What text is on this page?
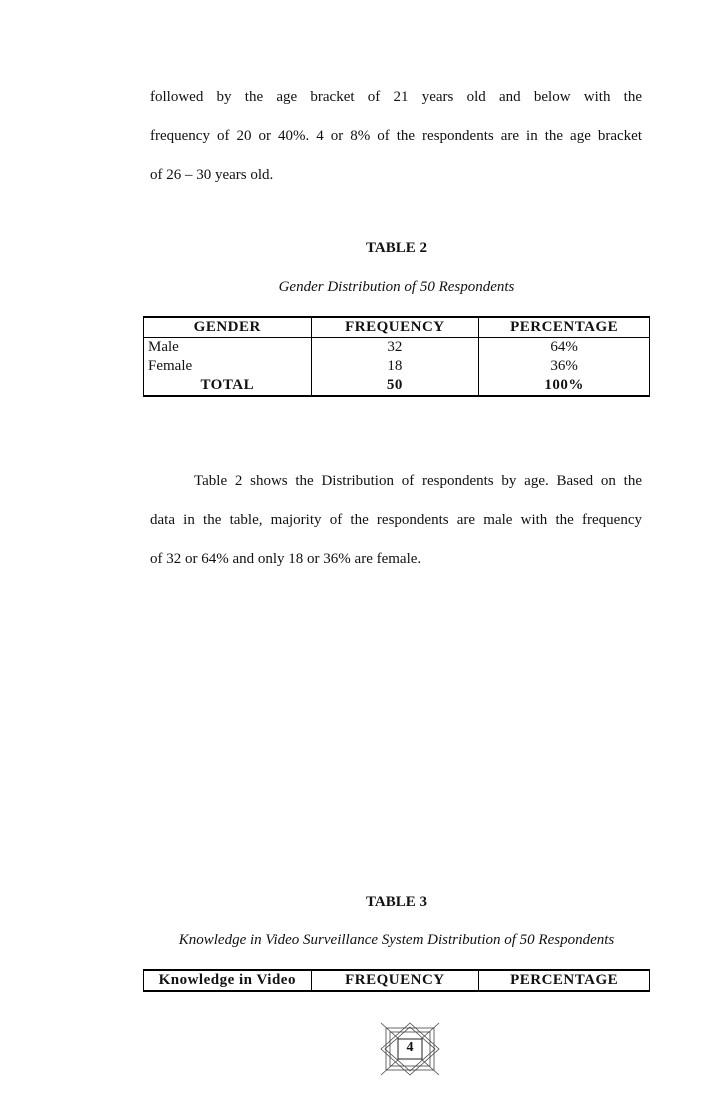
followed by the age bracket of 21 years old and below with the
frequency of 20 or 40%. 4 or 8% of the respondents are in the age bracket
of 26 – 30 years old.
TABLE 2
Gender Distribution of 50 Respondents
GENDER	FREQUENCY	PERCENTAGE
Male	32	64%
Female	18	36%
TOTAL	50	100%
Table 2 shows the Distribution of respondents by age. Based on the
data in the table, majority of the respondents are male with the frequency
of 32 or 64% and only 18 or 36% are female.
TABLE 3
Knowledge in Video Surveillance System Distribution of 50 Respondents
Knowledge in Video	FREQUENCY	PERCENTAGE
4
